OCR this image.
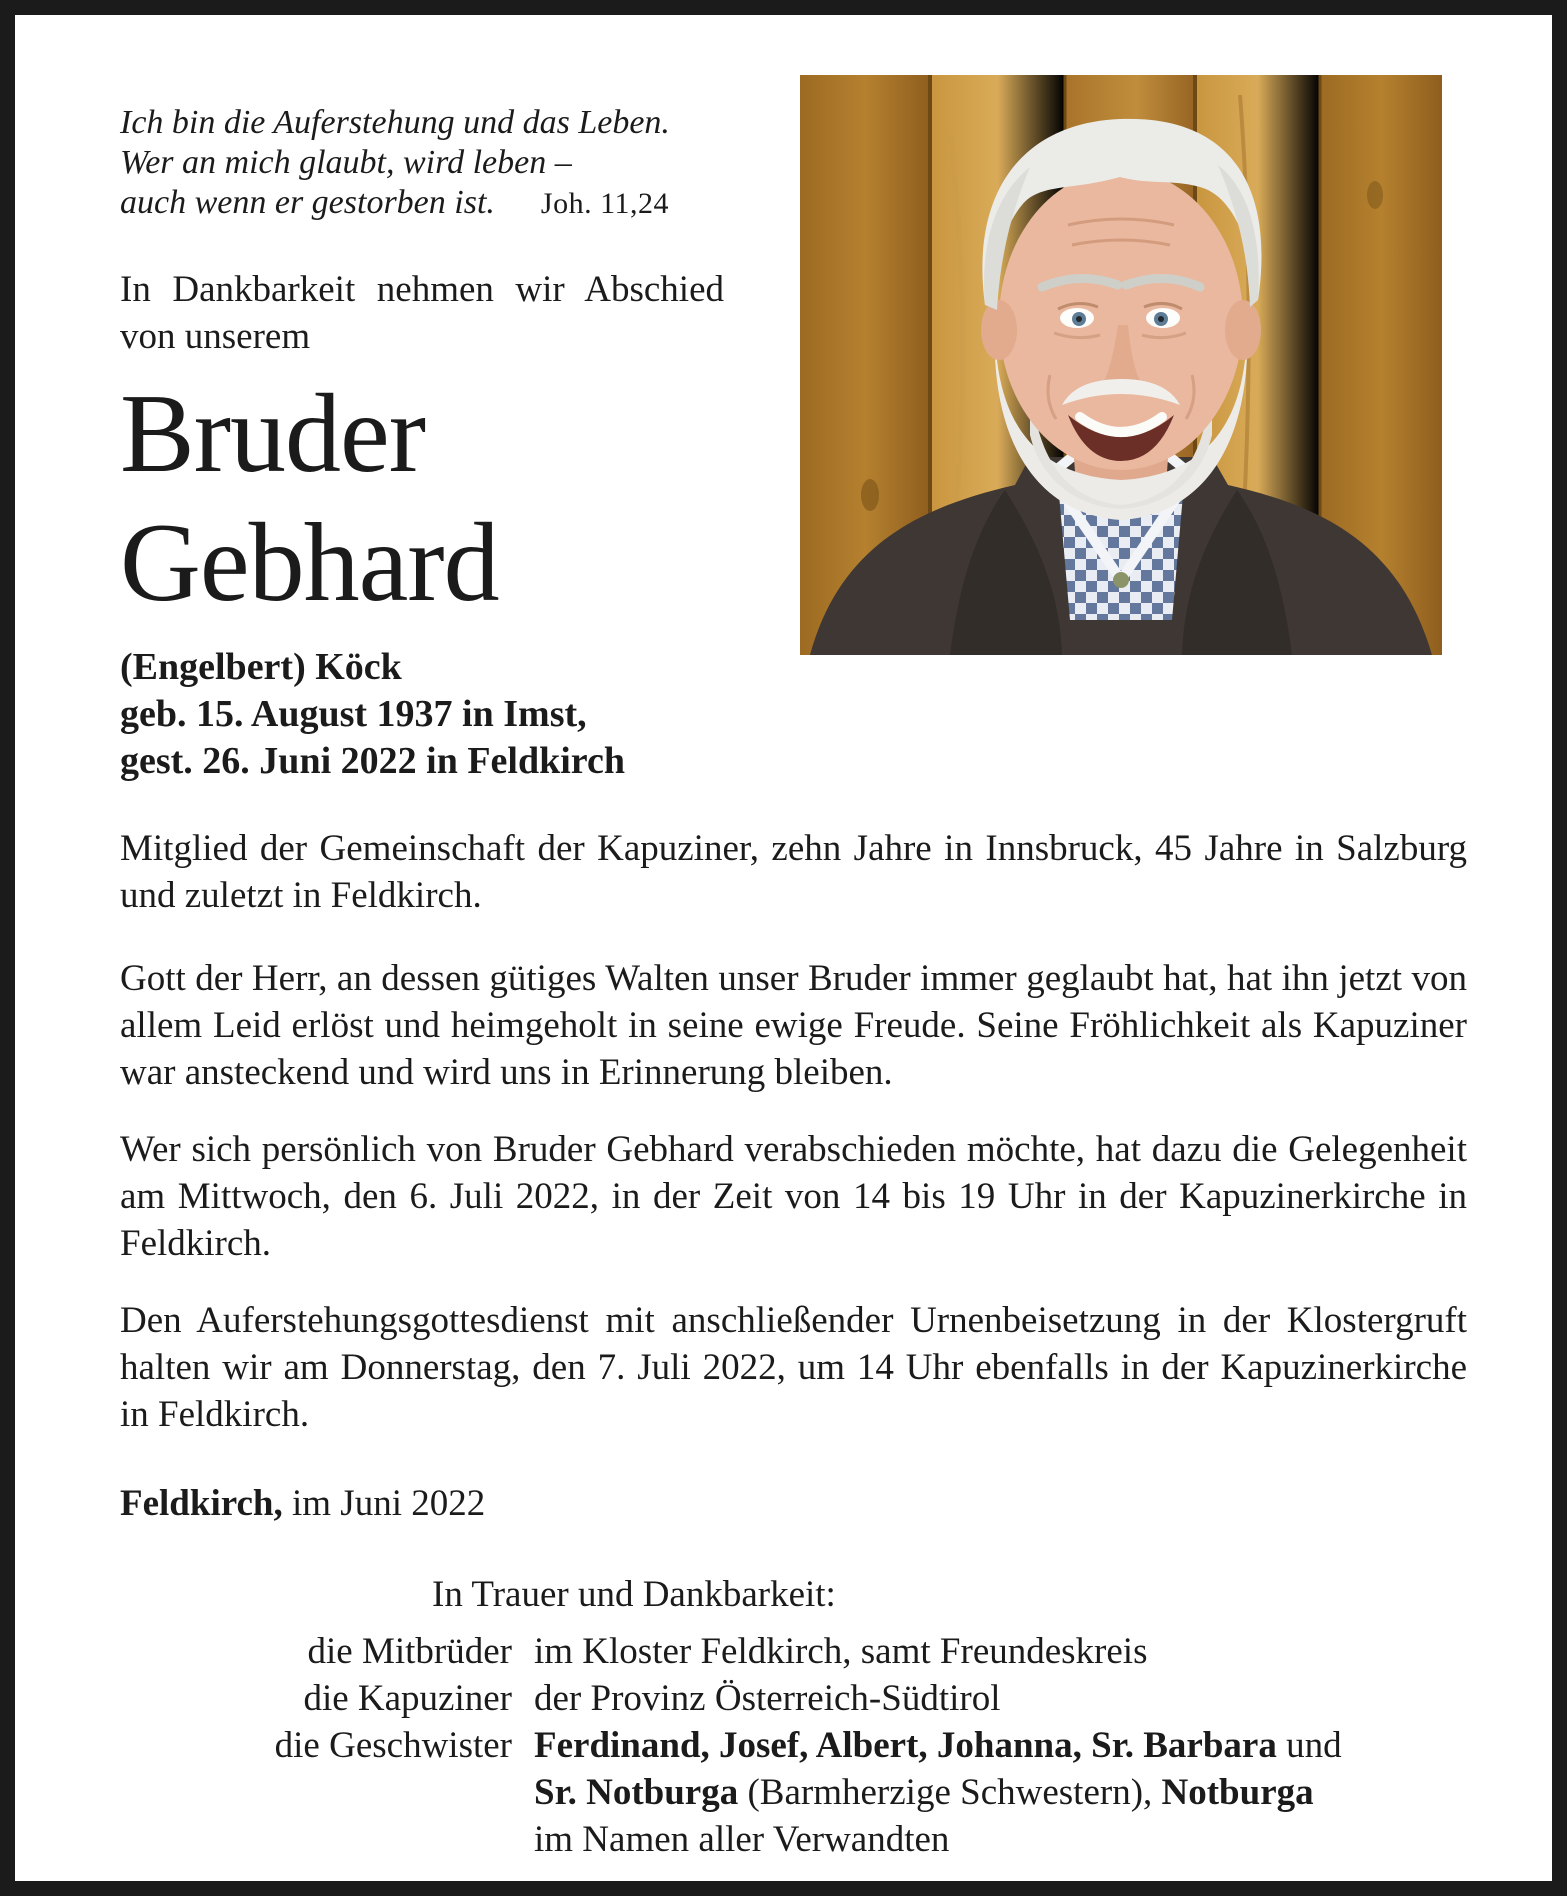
Ich bin die Auferstehung und das Leben.
Wer an mich glaubt, wird leben –
auch wenn er gestorben ist. Joh. 11,24
In Dankbarkeit nehmen wir Abschied von unserem
Bruder
Gebhard
(Engelbert) Köck
geb. 15. August 1937 in Imst,
gest. 26. Juni 2022 in Feldkirch

Mitglied der Gemeinschaft der Kapuziner, zehn Jahre in Innsbruck, 45 Jahre in Salzburg und zuletzt in Feldkirch.

Gott der Herr, an dessen gütiges Walten unser Bruder immer geglaubt hat, hat ihn jetzt von allem Leid erlöst und heimgeholt in seine ewige Freude. Seine Fröhlichkeit als Kapuziner war ansteckend und wird uns in Erinnerung bleiben.

Wer sich persönlich von Bruder Gebhard verabschieden möchte, hat dazu die Gelegenheit am Mittwoch, den 6. Juli 2022, in der Zeit von 14 bis 19 Uhr in der Kapuzinerkirche in Feldkirch.

Den Auferstehungsgottesdienst mit anschließender Urnenbeisetzung in der Klostergruft halten wir am Donnerstag, den 7. Juli 2022, um 14 Uhr ebenfalls in der Kapuzinerkirche in Feldkirch.

Feldkirch, im Juni 2022
In Trauer und Dankbarkeit:
die Mitbrüder im Kloster Feldkirch, samt Freundeskreis
die Kapuziner der Provinz Österreich-Südtirol
die Geschwister Ferdinand, Josef, Albert, Johanna, Sr. Barbara und
Sr. Notburga (Barmherzige Schwestern), Notburga
im Namen aller Verwandten
